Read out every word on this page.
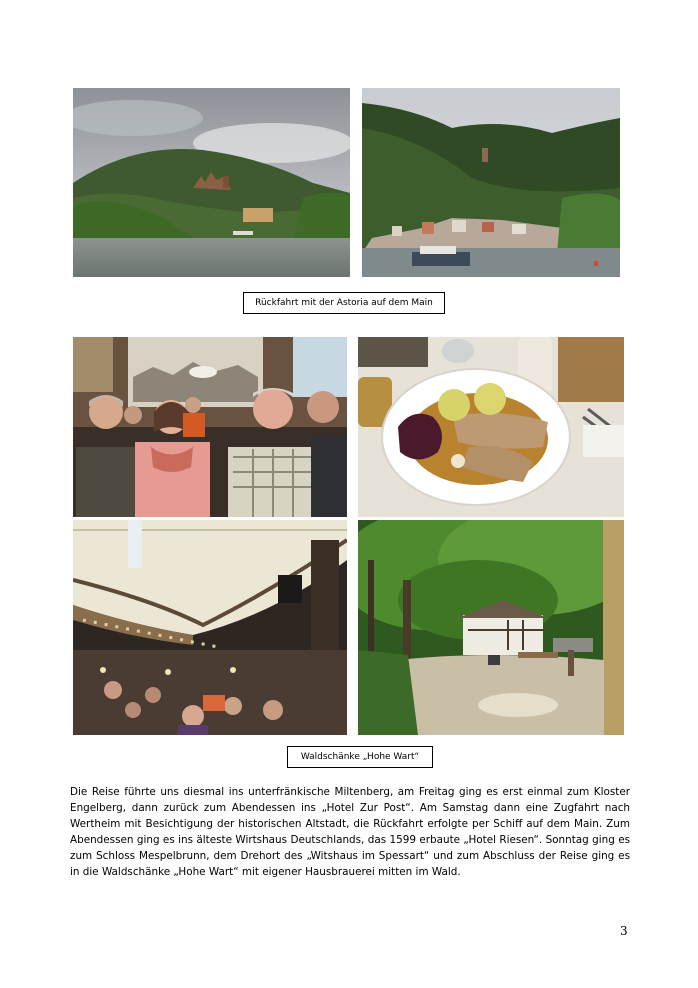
Rückfahrt mit der Astoria auf dem Main
Waldschänke „Hohe Wart“

Die Reise führte uns diesmal ins unterfränkische Miltenberg, am Freitag ging es erst einmal zum Kloster Engelberg, dann zurück zum Abendessen ins „Hotel Zur Post“. Am Samstag dann eine Zugfahrt nach Wertheim mit Besichtigung der historischen Altstadt, die Rückfahrt erfolgte per Schiff auf dem Main. Zum Abendessen ging es ins älteste Wirtshaus Deutschlands, das 1599 erbaute „Hotel Riesen“. Sonntag ging es zum Schloss Mespelbrunn, dem Drehort des „Witshaus im Spessart“ und zum Abschluss der Reise ging es in die Waldschänke „Hohe Wart“ mit eigener Hausbrauerei mitten im Wald.

3
